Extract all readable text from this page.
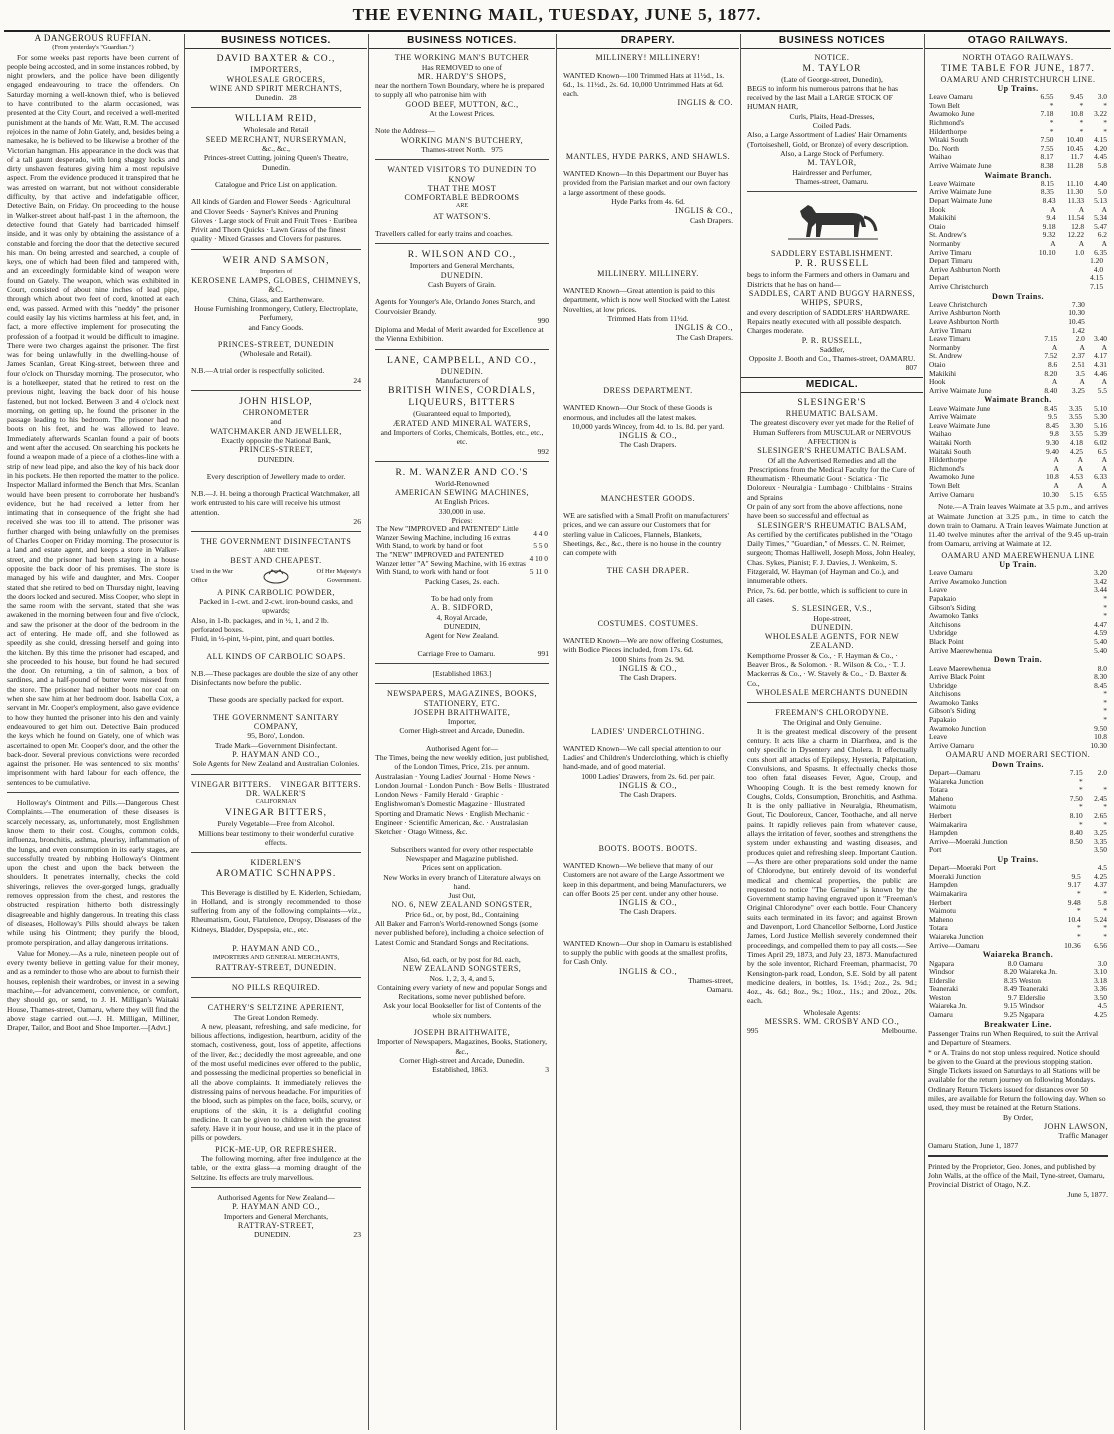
THE EVENING MAIL, TUESDAY, JUNE 5, 1877.
A DANGEROUS RUFFIAN.
(From yesterday's "Guardian.")

For some weeks past reports have been current of people being accosted, and in some instances robbed, by night prowlers, and the police have been diligently engaged endeavouring to trace the offenders. On Saturday morning a well-known thief, who is believed to have contributed to the alarm occasioned, was presented at the City Court, and received a well-merited punishment at the hands of Mr. Watt, R.M. The accused rejoices in the name of John Gately, and, besides being a namesake, he is believed to be likewise a brother of the Victorian hangman. His appearance in the dock was that of a tall gaunt desperado, with long shaggy locks and dirty unshaven features giving him a most repulsive aspect. From the evidence produced it transpired that he was arrested on warrant, but not without considerable difficulty, by that active and indefatigable officer, Detective Bain, on Friday. On proceeding to the house in Walker-street about half-past 1 in the afternoon, the detective found that Gately had barricaded himself inside, and it was only by obtaining the assistance of a constable and forcing the door that the detective secured his man. On being arrested and searched, a couple of keys, one of which had been filed and tampered with, and an exceedingly formidable kind of weapon were found on Gately. The weapon, which was exhibited in Court, consisted of about nine inches of lead pipe, through which about two feet of cord, knotted at each end, was passed. Armed with this "neddy" the prisoner could easily lay his victims harmless at his feet, and, in fact, a more effective implement for prosecuting the profession of a footpad it would be difficult to imagine. There were two charges against the prisoner. The first was for being unlawfully in the dwelling-house of James Scanlan, Great King-street, between three and four o'clock on Thursday morning. The prosecutor, who is a hotelkeeper, stated that he retired to rest on the previous night, leaving the back door of his house fastened, but not locked. Between 3 and 4 o'clock next morning, on getting up, he found the prisoner in the passage leading to his bedroom. The prisoner had no boots on his feet, and he was allowed to leave. Immediately afterwards Scanlan found a pair of boots and went after the accused. On searching his pockets he found a weapon made of a piece of a clothes-line with a strip of new lead pipe, and also the key of his back door in his pockets. He then reported the matter to the police. Inspector Mallard informed the Bench that Mrs. Scanlan would have been present to corroborate her husband's evidence, but he had received a letter from her intimating that in consequence of the fright she had received she was too ill to attend. The prisoner was further charged with being unlawfully on the premises of Charles Cooper on Friday morning. The prosecutor is a land and estate agent, and keeps a store in Walker-street, and the prisoner had been staying in a house opposite the back door of his premises. The store is managed by his wife and daughter, and Mrs. Cooper stated that she retired to bed on Thursday night, leaving the doors locked and secured. Miss Cooper, who slept in the same room with the servant, stated that she was awakened in the morning between four and five o'clock, and saw the prisoner at the door of the bedroom in the act of entering. He made off, and she followed as speedily as she could, dressing herself and going into the kitchen. By this time the prisoner had escaped, and she proceeded to his house, but found he had secured the door. On returning, a tin of salmon, a box of sardines, and a half-pound of butter were missed from the store. The prisoner had neither boots nor coat on when she saw him at her bedroom door. Isabella Cox, a servant in Mr. Cooper's employment, also gave evidence to how they hunted the prisoner into his den and vainly endeavoured to get him out. Detective Bain produced the keys which he found on Gately, one of which was ascertained to open Mr. Cooper's door, and the other the back-door. Several previous convictions were recorded against the prisoner. He was sentenced to six months' imprisonment with hard labour for each offence, the sentences to be cumulative.

Holloway's Ointment and Pills.—Dangerous Chest Complaints.—The enumeration of these diseases is scarcely necessary, as, unfortunately, most Englishmen know them to their cost. Coughs, common colds, influenza, bronchitis, asthma, pleurisy, inflammation of the lungs, and even consumption in its early stages, are successfully treated by rubbing Holloway's Ointment upon the chest and upon the back between the shoulders. It penetrates internally, checks the cold shiverings, relieves the over-gorged lungs, gradually removes oppression from the chest, and restores the obstructed respiration hitherto both distressingly disagreeable and highly dangerous. In treating this class of diseases, Holloway's Pills should always be taken while using his Ointment; they purify the blood, promote perspiration, and allay dangerous irritations.

Value for Money.—As a rule, nineteen people out of every twenty believe in getting value for their money, and as a reminder to those who are about to furnish their houses, replenish their wardrobes, or invest in a sewing machine,—for advancement, convenience, or comfort, they should go, or send, to J. H. Milligan's Waitaki House, Thames-street, Oamaru, where they will find the above stage carried out.—J. H. Milligan, Milliner, Draper, Tailor, and Boot and Shoe Importer.—[Advt.]

BUSINESS NOTICES.
DAVID BAXTER & CO.,
IMPORTERS,
WHOLESALE GROCERS,
WINE AND SPIRIT MERCHANTS,
Dunedin. 28
WILLIAM REID,
Wholesale and Retail
SEED MERCHANT, NURSERYMAN,
&c., &c.,
Princes-street Cutting, joining Queen's Theatre, Dunedin.
Catalogue and Price List on application.
All kinds of Garden and Flower Seeds · Agricultural and Clover Seeds · Sayner's Knives and Pruning Gloves · Large stock of Fruit and Fruit Trees · Euribea Privit and Thorn Quicks · Lawn Grass of the finest quality · Mixed Grasses and Clovers for pastures.
WEIR AND SAMSON,
Importers of
KEROSENE LAMPS, GLOBES, CHIMNEYS, &C.
China, Glass, and Earthenware.
House Furnishing Ironmongery, Cutlery, Electroplate, Perfumery,
and Fancy Goods.
PRINCES-STREET, DUNEDIN
(Wholesale and Retail).
N.B.—A trial order is respectfully solicited.
24
JOHN HISLOP,
CHRONOMETER
and
WATCHMAKER AND JEWELLER,
Exactly opposite the National Bank,
PRINCES-STREET,
DUNEDIN.
Every description of Jewellery made to order.
N.B.—J. H. being a thorough Practical Watchmaker, all work entrusted to his care will receive his utmost attention.
26
THE GOVERNMENT DISINFECTANTS
ARE THE
BEST AND CHEAPEST.
Used in the War Office
Of Her Majesty's Government.
A PINK CARBOLIC POWDER,
Packed in 1-cwt. and 2-cwt. iron-bound casks, and upwards;
Also, in 1-lb. packages, and in ½, 1, and 2 lb. perforated boxes.
Fluid, in ½-pint, ¼-pint, pint, and quart bottles.
ALL KINDS OF CARBOLIC SOAPS.
N.B.—These packages are double the size of any other Disinfectants now before the public.
These goods are specially packed for export.
THE GOVERNMENT SANITARY COMPANY,
95, Boro', London.
Trade Mark—Government Disinfectant.
P. HAYMAN AND CO.,
Sole Agents for New Zealand and Australian Colonies.
VINEGAR BITTERS. VINEGAR BITTERS.
DR. WALKER'S
CALIFORNIAN
VINEGAR BITTERS,
Purely Vegetable—Free from Alcohol.
Millions bear testimony to their wonderful curative effects.
KIDERLEN'S
AROMATIC SCHNAPPS.

This Beverage is distilled by E. Kiderlen, Schiedam, in Holland, and is strongly recommended to those suffering from any of the following complaints—viz., Rheumatism, Gout, Flatulence, Dropsy, Diseases of the Kidneys, Bladder, Dyspepsia, etc., etc.

P. HAYMAN AND CO.,
IMPORTERS AND GENERAL MERCHANTS,
RATTRAY-STREET, DUNEDIN.
NO PILLS REQUIRED.
CATHERY'S SELTZINE APERIENT,
The Great London Remedy.

A new, pleasant, refreshing, and safe medicine, for bilious affections, indigestion, heartburn, acidity of the stomach, costiveness, gout, loss of appetite, affections of the liver, &c.; decidedly the most agreeable, and one of the most useful medicines ever offered to the public, and possessing the medicinal properties so beneficial in all the above complaints. It immediately relieves the distressing pains of nervous headache. For impurities of the blood, such as pimples on the face, boils, scurvy, or eruptions of the skin, it is a delightful cooling medicine. It can be given to children with the greatest safety. Have it in your house, and use it in the place of pills or powders.

PICK-ME-UP, OR REFRESHER.

The following morning, after free indulgence at the table, or the extra glass—a morning draught of the Seltzine. Its effects are truly marvellous.

Authorised Agents for New Zealand—
P. HAYMAN AND CO.,
Importers and General Merchants,
RATTRAY-STREET,
DUNEDIN.	23
BUSINESS NOTICES.
THE WORKING MAN'S BUTCHER
Has REMOVED to one of
MR. HARDY'S SHOPS,
near the northern Town Boundary, where he is prepared to supply all who patronise him with
GOOD BEEF, MUTTON, &C.,
At the Lowest Prices.
Note the Address—
WORKING MAN'S BUTCHERY,
Thames-street North. 975
WANTED VISITORS TO DUNEDIN TO KNOW
THAT THE MOST
COMFORTABLE BEDROOMS
ARE
AT WATSON'S.
Travellers called for early trains and coaches.
R. WILSON AND CO.,
Importers and General Merchants,
DUNEDIN.
Cash Buyers of Grain.
Agents for Younger's Ale, Orlando Jones Starch, and Courvoisier Brandy.
990
Diploma and Medal of Merit awarded for Excellence at the Vienna Exhibition.
LANE, CAMPBELL, AND CO.,
DUNEDIN.
Manufacturers of
BRITISH WINES, CORDIALS, LIQUEURS, BITTERS
(Guaranteed equal to Imported),
ÆRATED AND MINERAL WATERS,
and Importers of Corks, Chemicals, Bottles, etc., etc., etc.
992
R. M. WANZER AND CO.'S
World-Renowned
AMERICAN SEWING MACHINES,
At English Prices.
330,000 in use.
Prices:
The New "IMPROVED and PATENTED" Little Wanzer Sewing Machine, including 16 extras	4 4 0
With Stand, to work by hand or foot	5 5 0
The "NEW" IMPROVED and PATENTED Wanzer letter "A" Sewing Machine, with 16 extras	4 10 0
With Stand, to work with hand or foot	5 11 0
Packing Cases, 2s. each.
To be had only from
A. B. SIDFORD,
4, Royal Arcade,
DUNEDIN,
Agent for New Zealand.
Carriage Free to Oamaru.	991
[Established 1863.]
NEWSPAPERS, MAGAZINES, BOOKS, STATIONERY, ETC.
JOSEPH BRAITHWAITE,
Importer,
Corner High-street and Arcade, Dunedin.
Authorised Agent for—
The Times, being the new weekly edition, just published, of the London Times, Price, 21s. per annum.
Australasian · Young Ladies' Journal · Home News · London Journal · London Punch · Bow Bells · Illustrated London News · Family Herald · Graphic · Englishwoman's Domestic Magazine · Illustrated Sporting and Dramatic News · English Mechanic · Engineer · Scientific American, &c. · Australasian Sketcher · Otago Witness, &c.
Subscribers wanted for every other respectable Newspaper and Magazine published.
Prices sent on application.
New Works in every branch of Literature always on hand.
Just Out,
NO. 6, NEW ZEALAND SONGSTER,
Price 6d., or, by post, 8d., Containing
All Baker and Farron's World-renowned Songs (some never published before), including a choice selection of Latest Comic and Standard Songs and Recitations.
Also, 6d. each, or by post for 8d. each,
NEW ZEALAND SONGSTERS,
Nos. 1, 2, 3, 4, and 5,
Containing every variety of new and popular Songs and Recitations, some never published before.
Ask your local Bookseller for list of Contents of the whole six numbers.
JOSEPH BRAITHWAITE,
Importer of Newspapers, Magazines, Books, Stationery, &c.,
Corner High-street and Arcade, Dunedin.
Established, 1863.	3
DRAPERY.
MILLINERY! MILLINERY!
WANTED Known—100 Trimmed Hats at 11½d., 1s. 6d., 1s. 11½d., 2s. 6d. 10,000 Untrimmed Hats at 6d. each.
INGLIS & CO.
MANTLES, HYDE PARKS, AND SHAWLS.
WANTED Known—In this Department our Buyer has provided from the Parisian market and our own factory a large assortment of these goods.
Hyde Parks from 4s. 6d.
INGLIS & CO.,
Cash Drapers.
MILLINERY. MILLINERY.
WANTED Known—Great attention is paid to this department, which is now well Stocked with the Latest Novelties, at low prices.
Trimmed Hats from 11½d.
INGLIS & CO.,
The Cash Drapers.
DRESS DEPARTMENT.
WANTED Known—Our Stock of these Goods is enormous, and includes all the latest makes.
10,000 yards Wincey, from 4d. to 1s. 8d. per yard.
INGLIS & CO.,
The Cash Drapers.
MANCHESTER GOODS.
WE are satisfied with a Small Profit on manufacturers' prices, and we can assure our Customers that for sterling value in Calicoes, Flannels, Blankets, Sheetings, &c., &c., there is no house in the country can compete with
THE CASH DRAPER.
COSTUMES. COSTUMES.
WANTED Known—We are now offering Costumes, with Bodice Pieces included, from 17s. 6d.
1000 Shirts from 2s. 9d.
INGLIS & CO.,
The Cash Drapers.
LADIES' UNDERCLOTHING.
WANTED Known—We call special attention to our Ladies' and Children's Underclothing, which is chiefly hand-made, and of good material.
1000 Ladies' Drawers, from 2s. 6d. per pair.
INGLIS & CO.,
The Cash Drapers.
BOOTS. BOOTS. BOOTS.
WANTED Known—We believe that many of our Customers are not aware of the Large Assortment we keep in this department, and being Manufacturers, we can offer Boots 25 per cent. under any other house.
INGLIS & CO.,
The Cash Drapers.
WANTED Known—Our shop in Oamaru is established to supply the public with goods at the smallest profits, for Cash Only.
INGLIS & CO.,
Thames-street,
Oamaru.
BUSINESS NOTICES
NOTICE.
M. TAYLOR
(Late of George-street, Dunedin),
BEGS to inform his numerous patrons that he has received by the last Mail a LARGE STOCK OF HUMAN HAIR,
Curls, Plaits, Head-Dresses,
Coiled Pads.
Also, a Large Assortment of Ladies' Hair Ornaments (Tortoiseshell, Gold, or Bronze) of every description.
Also, a Large Stock of Perfumery.
M. TAYLOR,
Hairdresser and Perfumer,
Thames-street, Oamaru.
SADDLERY ESTABLISHMENT.
P. R. RUSSELL
begs to inform the Farmers and others in Oamaru and Districts that he has on hand—
SADDLES, CART AND BUGGY HARNESS, WHIPS, SPURS,
and every description of SADDLERS' HARDWARE. Repairs neatly executed with all possible despatch. Charges moderate.
P. R. RUSSELL,
Saddler,
Opposite J. Booth and Co., Thames-street, OAMARU.
807
MEDICAL.
SLESINGER'S
RHEUMATIC BALSAM.
The greatest discovery ever yet made for the Relief of Human Sufferers from MUSCULAR or NERVOUS AFFECTION is
SLESINGER'S RHEUMATIC BALSAM.
Of all the Advertised Remedies and all the Prescriptions from the Medical Faculty for the Cure of
Rheumatism · Rheumatic Gout · Sciatica · Tic Doloreux · Neuralgia · Lumbago · Chilblains · Strains and Sprains
Or pain of any sort from the above affections, none have been so successful and effectual as
SLESINGER'S RHEUMATIC BALSAM,
As certified by the certificates published in the "Otago Daily Times," "Guardian," of Messrs. C. N. Reimer, surgeon; Thomas Halliwell, Joseph Moss, John Healey, Chas. Sykes, Pianist; F. J. Davies, J. Wenkeim, S. Fitzgerald, W. Hayman (of Hayman and Co.), and innumerable others.
Price, 7s. 6d. per bottle, which is sufficient to cure in all cases.
S. SLESINGER, V.S.,
Hope-street,
DUNEDIN.
WHOLESALE AGENTS, FOR NEW ZEALAND.
Kempthorne Prosser & Co., · F. Hayman & Co., · Beaver Bros., & Solomon. · R. Wilson & Co., · T. J. Mackerras & Co., · W. Stavely & Co., · D. Baxter & Co.,
WHOLESALE MERCHANTS DUNEDIN
FREEMAN'S CHLORODYNE.
The Original and Only Genuine.

It is the greatest medical discovery of the present century. It acts like a charm in Diarrhœa, and is the only specific in Dysentery and Cholera. It effectually cuts short all attacks of Epilepsy, Hysteria, Palpitation, Convulsions, and Spasms. It effectually checks those too often fatal diseases Fever, Ague, Croup, and Whooping Cough. It is the best remedy known for Coughs, Colds, Consumption, Bronchitis, and Asthma. It is the only palliative in Neuralgia, Rheumatism, Gout, Tic Douloreux, Cancer, Toothache, and all nerve pains. It rapidly relieves pain from whatever cause, allays the irritation of fever, soothes and strengthens the system under exhausting and wasting diseases, and produces quiet and refreshing sleep. Important Caution.—As there are other preparations sold under the name of Chlorodyne, but entirely devoid of its wonderful medical and chemical properties, the public are requested to notice "The Genuine" is known by the Government stamp having engraved upon it "Freeman's Original Chlorodyne" over each bottle. Four Chancery suits each terminated in its favor; and against Brown and Davenport, Lord Chancellor Selborne, Lord Justice James, Lord Justice Mellish severely condemned their proceedings, and compelled them to pay all costs.—See Times April 29, 1873, and July 23, 1873. Manufactured by the sole inventor, Richard Freeman, pharmacist, 70 Kensington-park road, London, S.E. Sold by all patent medicine dealers, in bottles, 1s. 1½d.; 2oz., 2s. 9d.; 4oz., 4s. 6d.; 8oz., 9s.; 10oz., 11s.; and 20oz., 20s. each.

Wholesale Agents:
MESSRS. WM. CROSBY AND CO.,
995	Melbourne.
OTAGO RAILWAYS.
NORTH OTAGO RAILWAYS.
TIME TABLE FOR JUNE, 1877.
OAMARU AND CHRISTCHURCH LINE.
Up Trains.
Leave Oamaru	6.55	9.45	3.0
Town Belt	*	*	*
Awamoko June	7.18	10.8	3.22
Richmond's	*	*	*
Hilderthorpe	*	*	*
Witaki South	7.50	10.40	4.15
Do. North	7.55	10.45	4.20
Waihao	8.17	11.7	4.45
Arrive Waimate June	8.38	11.28	5.8
Waimate Branch.
Leave Waimate	8.15	11.10	4.40
Arrive Waimate June	8.35	11.30	5.0
Depart Waimate June	8.43	11.33	5.13
Hook	A	A	A
Makikihi	9.4	11.54	5.34
Otaio	9.18	12.8	5.47
St. Andrew's	9.32	12.22	6.2
Normanby	A	A	A
Arrive Timaru	10.10	1.0	6.35
Depart Timaru		1.20	
Arrive Ashburton North		4.0	
Depart		4.15	
Arrive Christchurch		7.15	
Down Trains.
Leave Christchurch		7.30	
Arrive Ashburton North		10.30	
Leave Ashburton North		10.45	
Arrive Timaru		1.42	
Leave Timaru	7.15	2.0	3.40
Normanby	A	A	A
St. Andrew	7.52	2.37	4.17
Otaio	8.6	2.51	4.31
Makikihi	8.20	3.5	4.46
Hook	A	A	A
Arrive Waimate June	8.40	3.25	5.5
Waimate Branch.
Leave Waimate June	8.45	3.35	5.10
Arrive Waimate	9.5	3.55	5.30
Leave Waimate June	8.45	3.30	5.16
Waihao	9.8	3.55	5.39
Waitaki North	9.30	4.18	6.02
Waitaki South	9.40	4.25	6.5
Hilderthorpe	A	A	A
Richmond's	A	A	A
Awamoko June	10.8	4.53	6.33
Town Belt	A	A	A
Arrive Oamaru	10.30	5.15	6.55

Note.—A Train leaves Waimate at 3.5 p.m., and arrives at Waimate Junction at 3.25 p.m., in time to catch the down train to Oamaru. A Train leaves Waimate Junction at 11.40 twelve minutes after the arrival of the 9.45 up-train from Oamaru, arriving at Waimate at 12.

OAMARU AND MAEREWHENUA LINE
Up Train.
Leave Oamaru	3.20
Arrive Awamoko Junction	3.42
Leave	3.44
Papakaio	*
Gibson's Siding	*
Awamoko Tanks	*
Aitchisons	4.47
Uxbridge	4.59
Black Point	5.40
Arrive Maerewhenua	5.40
Down Train.
Leave Maerewhenua	8.0
Arrive Black Point	8.30
Uxbridge	8.45
Aitchisons	*
Awamoko Tanks	*
Gibson's Siding	*
Papakaio	*
Awamoko Junction	9.50
Leave	10.8
Arrive Oamaru	10.30
OAMARU AND MOERARI SECTION.
Down Trains.
Depart—Oamaru	7.15	2.0
Waiareka Junction	*	
Totara	*	*
Maheno	7.50	2.45
Waimotu	*	*
Herbert	8.10	2.65
Waimakarira	*	*
Hampden	8.40	3.25
Arrive—Moeraki Junction	8.50	3.35
Port		3.50
Up Trains.
Depart—Moeraki Port		4.5
Moeraki Junction	9.5	4.25
Hampden	9.17	4.37
Waimakarira	*	*
Herbert	9.48	5.8
Waimotu	*	*
Maheno	10.4	5.24
Totara	*	*
Waiareka Junction	*	*
Arrive—Oamaru	10.36	6.56
Waiareka Branch.
Ngapara	8.0	Oamaru	3.0
Windsor	8.20	Waiareka Jn.	3.10
Elderslie	8.35	Weston	3.18
Teaneraki	8.49	Teaneraki	3.36
Weston	9.7	Elderslie	3.50
Waiareka Jn.	9.15	Windsor	4.5
Oamaru	9.25	Ngapara	4.25
Breakwater Line.
Passenger Trains run When Required, to suit the Arrival and Departure of Steamers.
* or A. Trains do not stop unless required. Notice should be given to the Guard at the previous stopping station.
Single Tickets issued on Saturdays to all Stations will be available for the return journey on following Mondays.
Ordinary Return Tickets issued for distances over 50 miles, are available for Return the following day. When so used, they must be retained at the Return Stations.
By Order,
JOHN LAWSON,
Traffic Manager
Oamaru Station, June 1, 1877
Printed by the Proprietor, Geo. Jones, and published by John Walls, at the office of the Mail, Tyne-street, Oamaru, Provincial District of Otago, N.Z.
June 5, 1877.
